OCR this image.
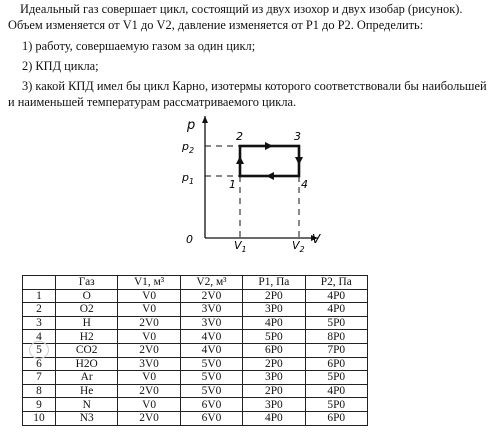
Идеальный газ совершает цикл, состоящий из двух изохор и двух изобар (рисунок). Объем изменяется от V1 до V2, давление изменяется от P1 до P2. Определить:

1) работу, совершаемую газом за один цикл;

2) КПД цикла;

3) какой КПД имел бы цикл Карно, изотермы которого соответствовали бы наибольшей и наименьшей температурам рассматриваемого цикла.

p
V
0
$p_2$
$p_1$
$V_1$	$V_2$
1
2	3
4
	Газ	V1, м³	V2, м³	P1, Па	P2, Па
1	O	V0	2V0	2P0	4P0
2	O2	V0	3V0	3P0	4P0
3	H	2V0	3V0	4P0	5P0
4	H2	V0	4V0	5P0	8P0
5	CO2	2V0	4V0	6P0	7P0
6	H2O	3V0	5V0	2P0	6P0
7	Ar	V0	5V0	3P0	5P0
8	He	2V0	5V0	2P0	4P0
9	N	V0	6V0	3P0	5P0
10	N3	2V0	6V0	4P0	6P0
